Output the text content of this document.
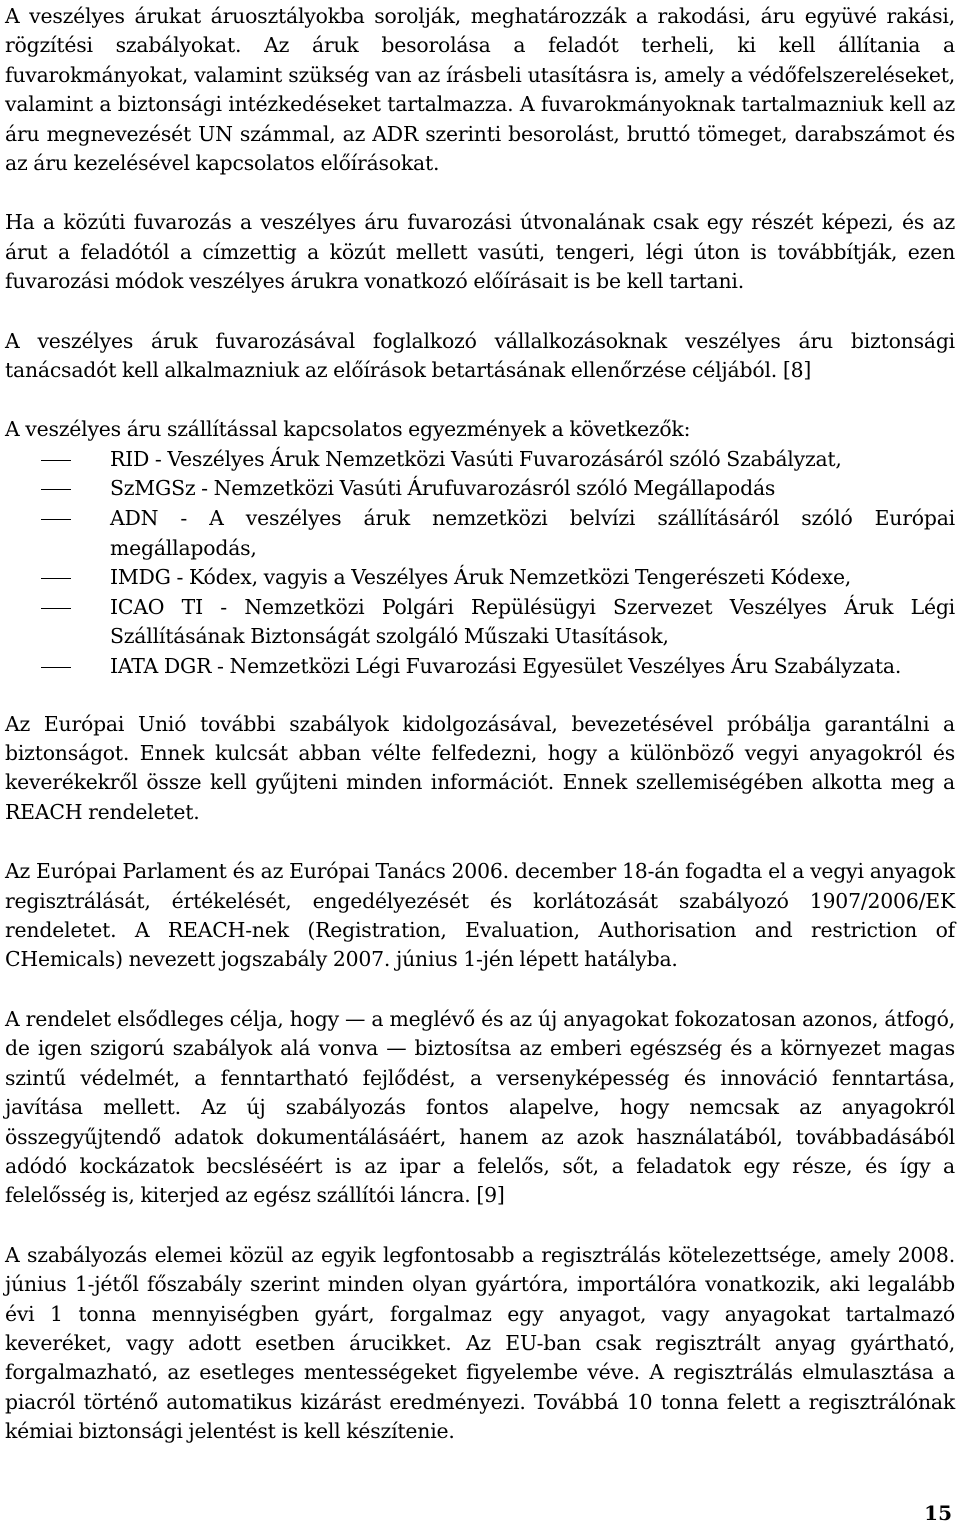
A veszélyes árukat áruosztályokba sorolják, meghatározzák a rakodási, áru együvé rakási, rögzítési szabályokat. Az áruk besorolása a feladót terheli, ki kell állítania a fuvarokmányokat, valamint szükség van az írásbeli utasításra is, amely a védőfelszereléseket, valamint a biztonsági intézkedéseket tartalmazza. A fuvarokmányoknak tartalmazniuk kell az áru megnevezését UN számmal, az ADR szerinti besorolást, bruttó tömeget, darabszámot és az áru kezelésével kapcsolatos előírásokat.

Ha a közúti fuvarozás a veszélyes áru fuvarozási útvonalának csak egy részét képezi, és az árut a feladótól a címzettig a közút mellett vasúti, tengeri, légi úton is továbbítják, ezen fuvarozási módok veszélyes árukra vonatkozó előírásait is be kell tartani.

A veszélyes áruk fuvarozásával foglalkozó vállalkozásoknak veszélyes áru biztonsági tanácsadót kell alkalmazniuk az előírások betartásának ellenőrzése céljából. [8]

A veszélyes áru szállítással kapcsolatos egyezmények a következők:

RID - Veszélyes Áruk Nemzetközi Vasúti Fuvarozásáról szóló Szabályzat,
SzMGSz - Nemzetközi Vasúti Árufuvarozásról szóló Megállapodás
ADN - A veszélyes áruk nemzetközi belvízi szállításáról szóló Európai megállapodás,
IMDG - Kódex, vagyis a Veszélyes Áruk Nemzetközi Tengerészeti Kódexe,
ICAO TI - Nemzetközi Polgári Repülésügyi Szervezet Veszélyes Áruk Légi Szállításának Biztonságát szolgáló Műszaki Utasítások,
IATA DGR - Nemzetközi Légi Fuvarozási Egyesület Veszélyes Áru Szabályzata.

Az Európai Unió további szabályok kidolgozásával, bevezetésével próbálja garantálni a biztonságot. Ennek kulcsát abban vélte felfedezni, hogy a különböző vegyi anyagokról és keverékekről össze kell gyűjteni minden információt. Ennek szellemiségében alkotta meg a REACH rendeletet.

Az Európai Parlament és az Európai Tanács 2006. december 18-án fogadta el a vegyi anyagok regisztrálását, értékelését, engedélyezését és korlátozását szabályozó 1907/2006/EK rendeletet. A REACH-nek (Registration, Evaluation, Authorisation and restriction of CHemicals) nevezett jogszabály 2007. június 1-jén lépett hatályba.

A rendelet elsődleges célja, hogy — a meglévő és az új anyagokat fokozatosan azonos, átfogó, de igen szigorú szabályok alá vonva — biztosítsa az emberi egészség és a környezet magas szintű védelmét, a fenntartható fejlődést, a versenyképesség és innováció fenntartása, javítása mellett. Az új szabályozás fontos alapelve, hogy nemcsak az anyagokról összegyűjtendő adatok dokumentálásáért, hanem az azok használatából, továbbadásából adódó kockázatok becsléséért is az ipar a felelős, sőt, a feladatok egy része, és így a felelősség is, kiterjed az egész szállítói láncra. [9]

A szabályozás elemei közül az egyik legfontosabb a regisztrálás kötelezettsége, amely 2008. június 1-jétől főszabály szerint minden olyan gyártóra, importálóra vonatkozik, aki legalább évi 1 tonna mennyiségben gyárt, forgalmaz egy anyagot, vagy anyagokat tartalmazó keveréket, vagy adott esetben árucikket. Az EU-ban csak regisztrált anyag gyártható, forgalmazható, az esetleges mentességeket figyelembe véve. A regisztrálás elmulasztása a piacról történő automatikus kizárást eredményezi. Továbbá 10 tonna felett a regisztrálónak kémiai biztonsági jelentést is kell készítenie.

15
